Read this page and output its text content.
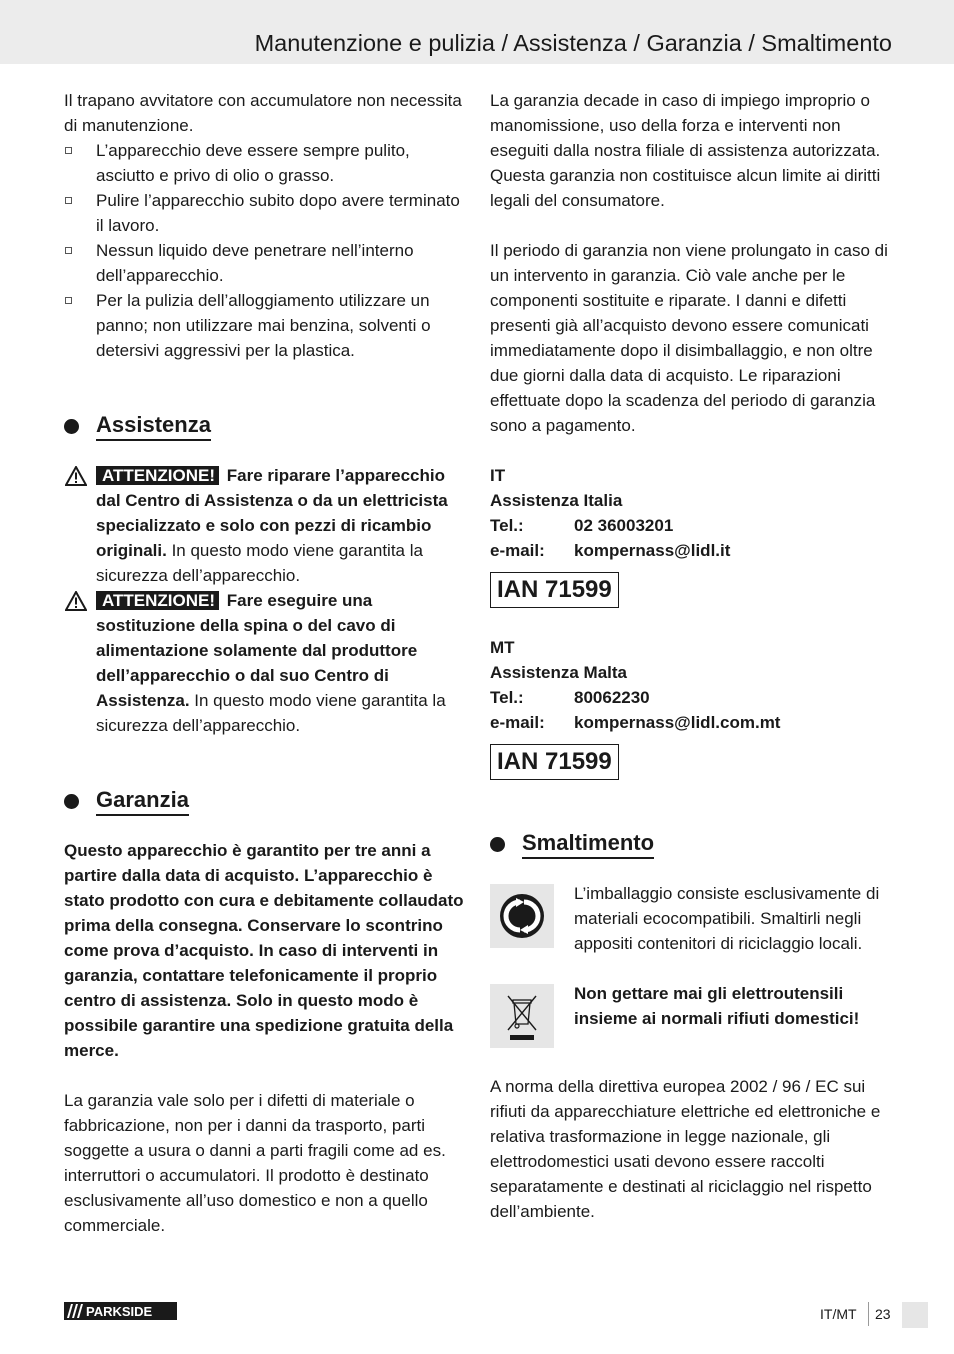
Manutenzione e pulizia / Assistenza / Garanzia / Smaltimento

Il trapano avvitatore con accumulatore non necessita di manutenzione.

L’apparecchio deve essere sempre pulito, asciutto e privo di olio o grasso.
Pulire l’apparecchio subito dopo avere terminato il lavoro.
Nessun liquido deve penetrare nell’interno dell’apparecchio.
Per la pulizia dell’alloggiamento utilizzare un panno; non utilizzare mai benzina, solventi o detersivi aggressivi per la plastica.
Assistenza
ATTENZIONE! Fare riparare l’apparecchio dal Centro di Assistenza o da un elettricista specializzato e solo con pezzi di ricambio originali. In questo modo viene garantita la sicurezza dell’apparecchio.
ATTENZIONE! Fare eseguire una sostituzione della spina o del cavo di alimentazione solamente dal produttore dell’apparecchio o dal suo Centro di Assistenza. In questo modo viene garantita la sicurezza dell’apparecchio.
Garanzia

Questo apparecchio è garantito per tre anni a partire dalla data di acquisto. L’apparecchio è stato prodotto con cura e debitamente collaudato prima della consegna. Conservare lo scontrino come prova d’acquisto. In caso di interventi in garanzia, contattare telefonicamente il proprio centro di assistenza. Solo in questo modo è possibile garantire una spedizione gratuita della merce.

La garanzia vale solo per i difetti di materiale o fabbricazione, non per i danni da trasporto, parti soggette a usura o danni a parti fragili come ad es. interruttori o accumulatori. Il prodotto è destinato esclusivamente all’uso domestico e non a quello commerciale.

La garanzia decade in caso di impiego improprio o manomissione, uso della forza e interventi non eseguiti dalla nostra filiale di assistenza autorizzata. Questa garanzia non costituisce alcun limite ai diritti legali del consumatore.

Il periodo di garanzia non viene prolungato in caso di un intervento in garanzia. Ciò vale anche per le componenti sostituite e riparate. I danni e difetti presenti già all’acquisto devono essere comunicati immediatamente dopo il disimballaggio, e non oltre due giorni dalla data di acquisto. Le riparazioni effettuate dopo la scadenza del periodo di garanzia sono a pagamento.

IT
Assistenza Italia
Tel.:	02 36003201
e-mail:	kompernass@lidl.it
IAN 71599
MT
Assistenza Malta
Tel.:	80062230
e-mail:	kompernass@lidl.com.mt
IAN 71599
Smaltimento

L’imballaggio consiste esclusivamente di materiali ecocompatibili. Smaltirli negli appositi contenitori di riciclaggio locali.

Non gettare mai gli elettroutensili insieme ai normali rifiuti domestici!

A norma della direttiva europea 2002 / 96 / EC sui rifiuti da apparecchiature elettriche ed elettroniche e relativa trasformazione in legge nazionale, gli elettrodomestici usati devono essere raccolti separatamente e destinati al riciclaggio nel rispetto dell’ambiente.

PARKSIDE	IT/MT 23
